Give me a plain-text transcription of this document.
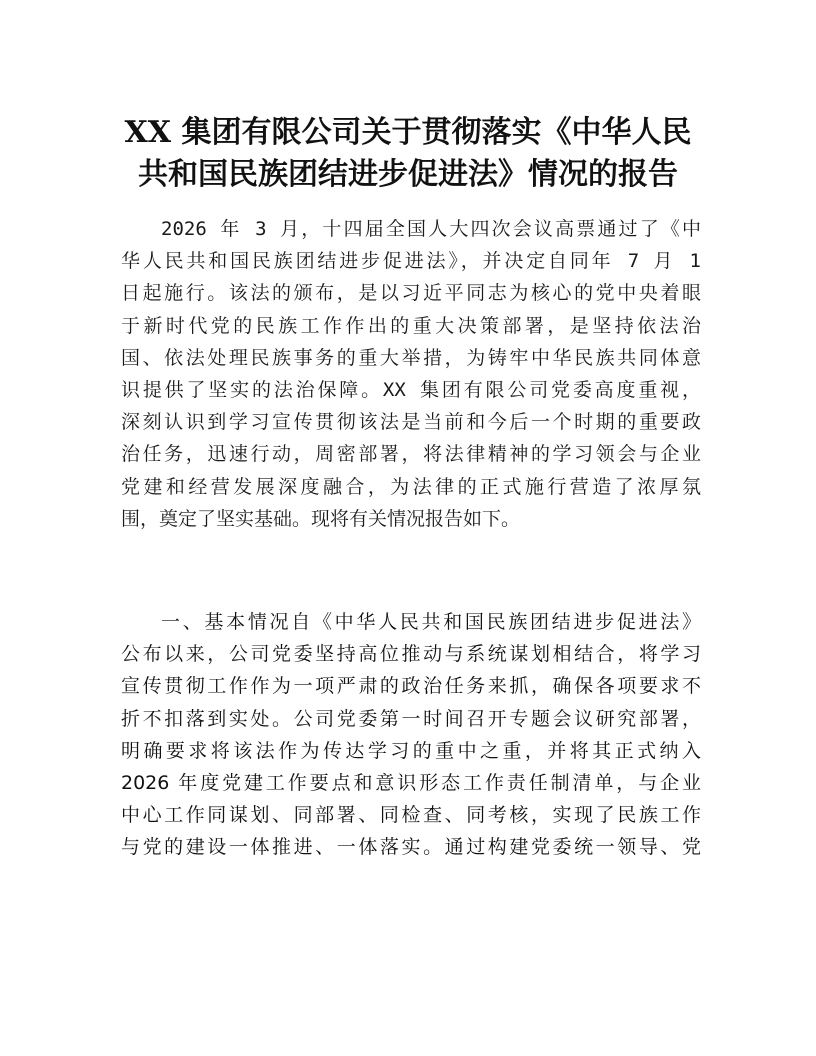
XX 集团有限公司关于贯彻落实《中华人民
共和国民族团结进步促进法》情况的报告
2026 年 3 月，十四届全国人大四次会议高票通过了《中
华人民共和国民族团结进步促进法》，并决定自同年 7 月 1
日起施行。该法的颁布，是以习近平同志为核心的党中央着眼
于新时代党的民族工作作出的重大决策部署，是坚持依法治
国、依法处理民族事务的重大举措，为铸牢中华民族共同体意
识提供了坚实的法治保障。XX 集团有限公司党委高度重视，
深刻认识到学习宣传贯彻该法是当前和今后一个时期的重要政
治任务，迅速行动，周密部署，将法律精神的学习领会与企业
党建和经营发展深度融合，为法律的正式施行营造了浓厚氛
围，奠定了坚实基础。现将有关情况报告如下。
一、基本情况自《中华人民共和国民族团结进步促进法》
公布以来，公司党委坚持高位推动与系统谋划相结合，将学习
宣传贯彻工作作为一项严肃的政治任务来抓，确保各项要求不
折不扣落到实处。公司党委第一时间召开专题会议研究部署，
明确要求将该法作为传达学习的重中之重，并将其正式纳入
2026 年度党建工作要点和意识形态工作责任制清单，与企业
中心工作同谋划、同部署、同检查、同考核，实现了民族工作
与党的建设一体推进、一体落实。通过构建党委统一领导、党
